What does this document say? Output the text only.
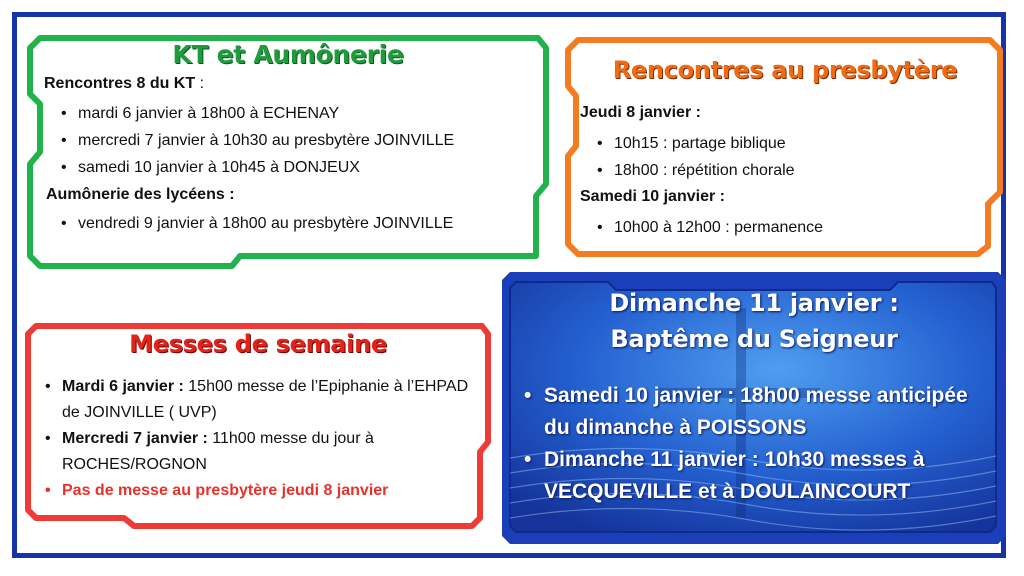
KT et Aumônerie
Rencontres 8 du KT :
• mardi 6 janvier à 18h00 à ECHENAY
• mercredi 7 janvier à 10h30 au presbytère JOINVILLE
• samedi 10 janvier à 10h45 à DONJEUX
Aumônerie des lycéens :
• vendredi 9 janvier à 18h00 au presbytère JOINVILLE
Rencontres au presbytère
Jeudi 8 janvier :
• 10h15 : partage biblique
• 18h00 : répétition chorale
Samedi 10 janvier :
• 10h00 à 12h00 : permanence
Messes de semaine
• Mardi 6 janvier : 15h00 messe de l’Epiphanie à l’EHPAD de JOINVILLE ( UVP)
• Mercredi 7 janvier : 11h00 messe du jour à ROCHES/ROGNON
• Pas de messe au presbytère jeudi 8 janvier
Dimanche 11 janvier :
Baptême du Seigneur
• Samedi 10 janvier : 18h00 messe anticipée du dimanche à POISSONS
• Dimanche 11 janvier : 10h30 messes à VECQUEVILLE et à DOULAINCOURT
